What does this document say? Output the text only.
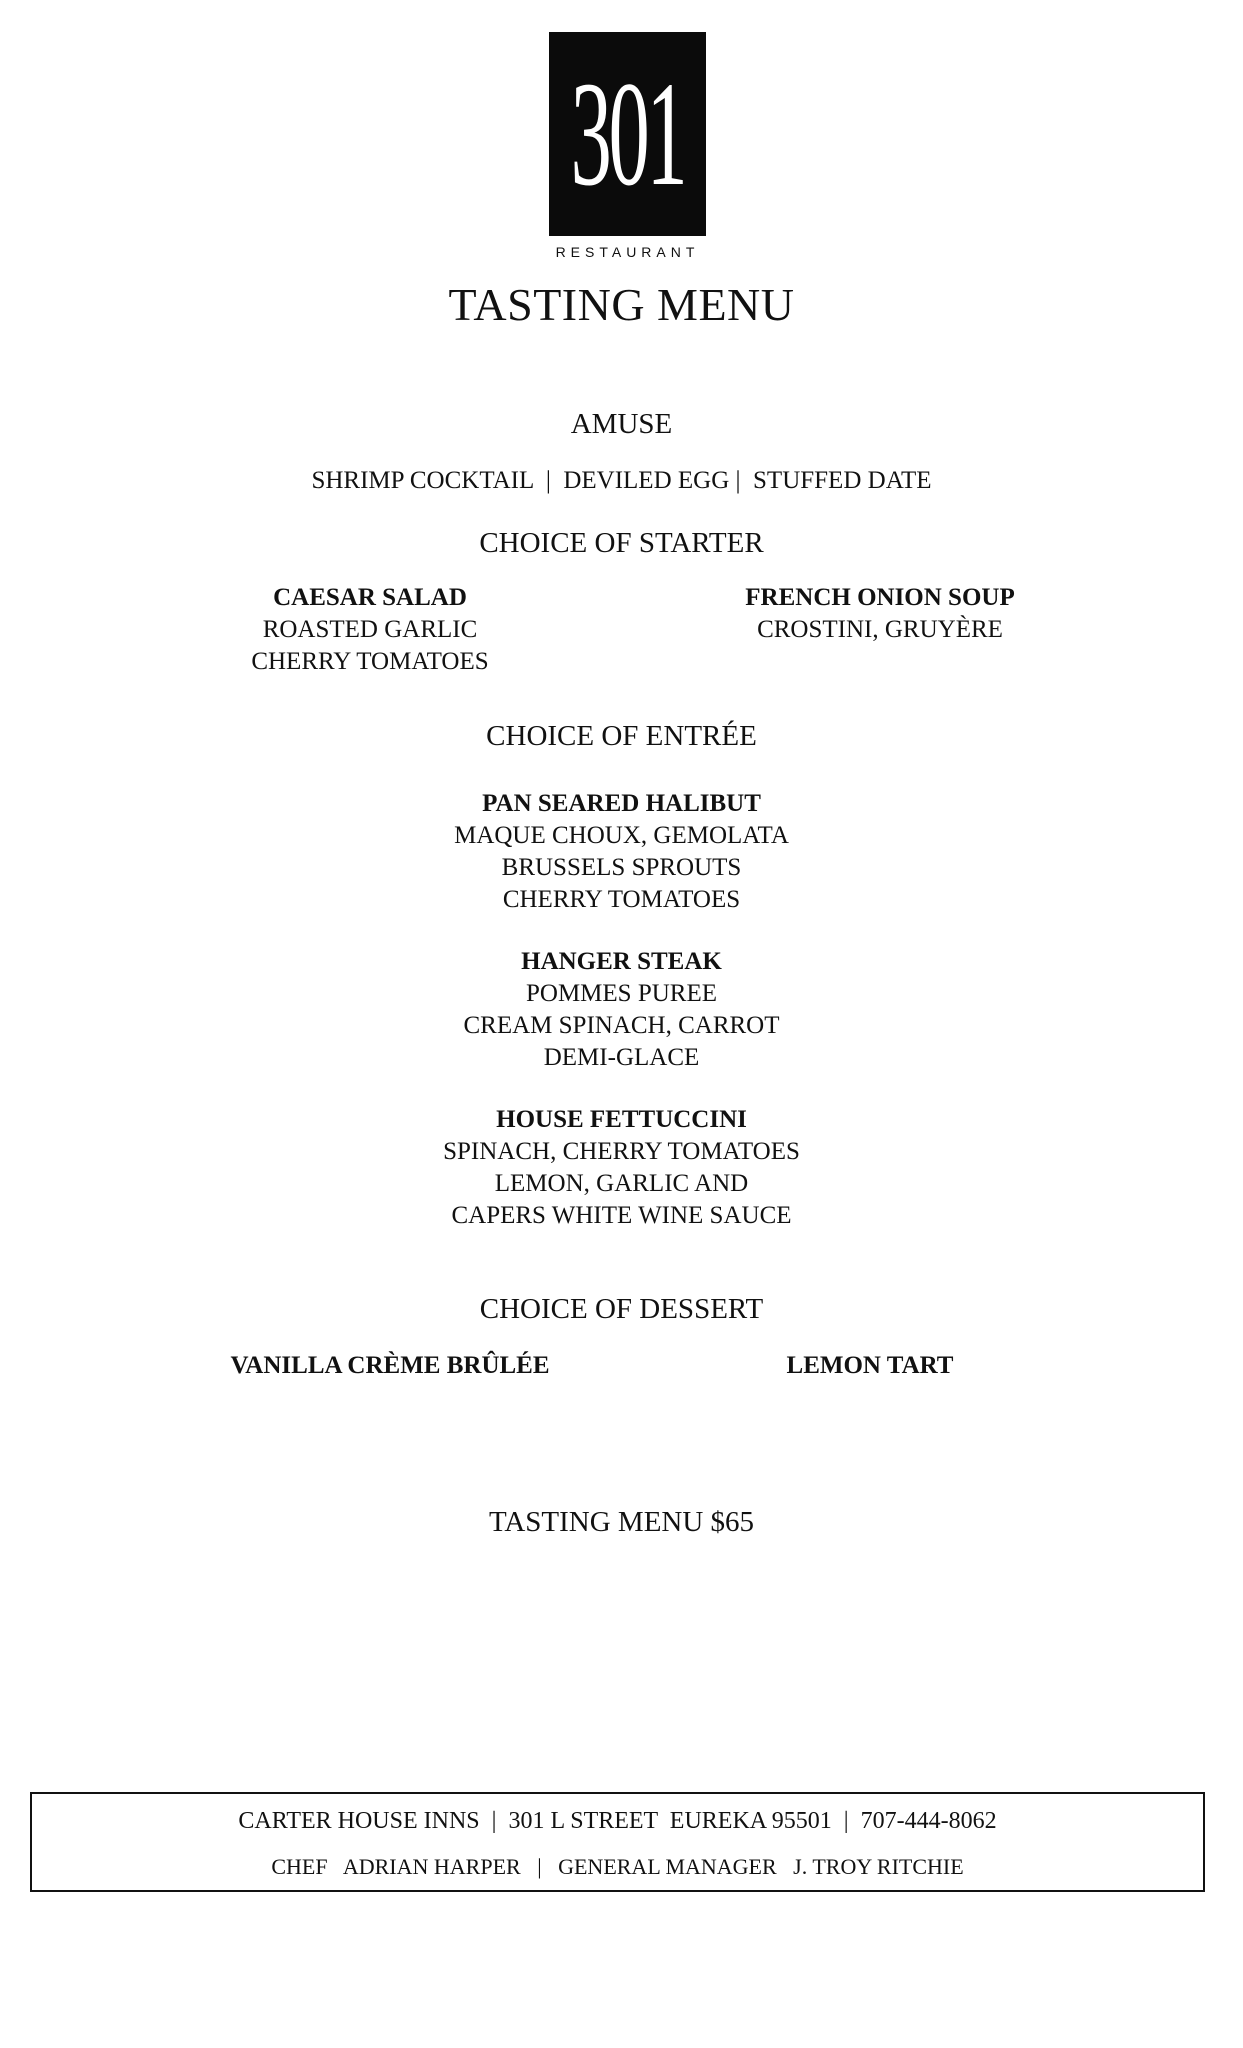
301
RESTAURANT
TASTING MENU
AMUSE
SHRIMP COCKTAIL  |  DEVILED EGG |  STUFFED DATE
CHOICE OF STARTER
CAESAR SALAD
ROASTED GARLIC
CHERRY TOMATOES
FRENCH ONION SOUP
CROSTINI, GRUYÈRE
CHOICE OF ENTRÉE
PAN SEARED HALIBUT
MAQUE CHOUX, GEMOLATA
BRUSSELS SPROUTS
CHERRY TOMATOES
HANGER STEAK
POMMES PUREE
CREAM SPINACH, CARROT
DEMI-GLACE
HOUSE FETTUCCINI
SPINACH, CHERRY TOMATOES
LEMON, GARLIC AND
CAPERS WHITE WINE SAUCE
CHOICE OF DESSERT
VANILLA CRÈME BRÛLÉE	LEMON TART
TASTING MENU $65
CARTER HOUSE INNS  |  301 L STREET  EUREKA 95501  |  707-444-8062
CHEF   ADRIAN HARPER   |   GENERAL MANAGER   J. TROY RITCHIE
